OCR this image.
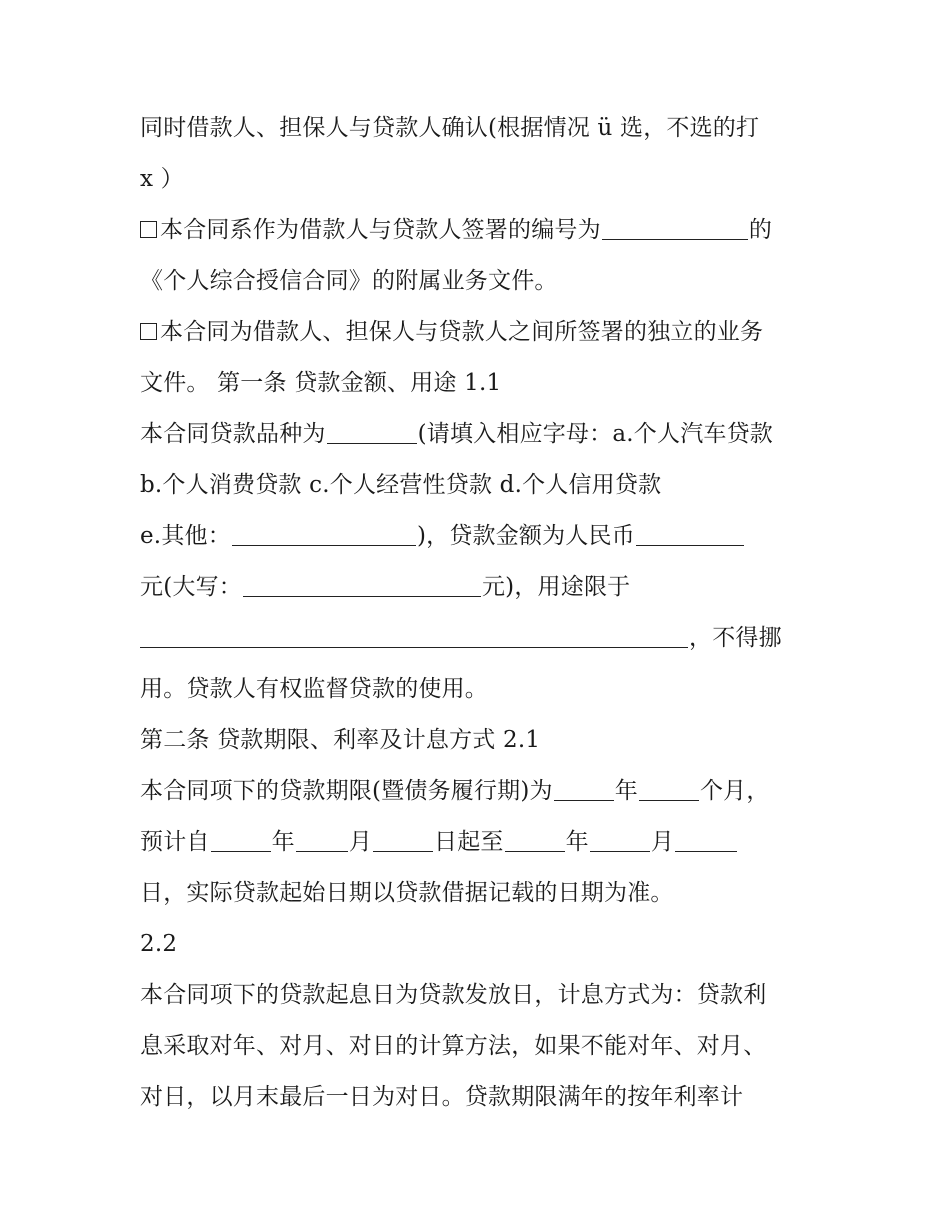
同时借款人、担保人与贷款人确认(根据情况 ü 选，不选的打
x ）
本合同系作为借款人与贷款人签署的编号为	的
《个人综合授信合同》的附属业务文件。
本合同为借款人、担保人与贷款人之间所签署的独立的业务
文件。 第一条 贷款金额、用途 1.1
本合同贷款品种为	(请填入相应字母：a.个人汽车贷款
b.个人消费贷款 c.个人经营性贷款 d.个人信用贷款
e.其他：	)，贷款金额为人民币
元(大写：	元)，用途限于
，不得挪
用。贷款人有权监督贷款的使用。
第二条 贷款期限、利率及计息方式 2.1
本合同项下的贷款期限(暨债务履行期)为	年	个月，
预计自	年 月	日起至	年	月
日，实际贷款起始日期以贷款借据记载的日期为准。
2.2
本合同项下的贷款起息日为贷款发放日，计息方式为：贷款利
息采取对年、对月、对日的计算方法，如果不能对年、对月、
对日，以月末最后一日为对日。贷款期限满年的按年利率计
